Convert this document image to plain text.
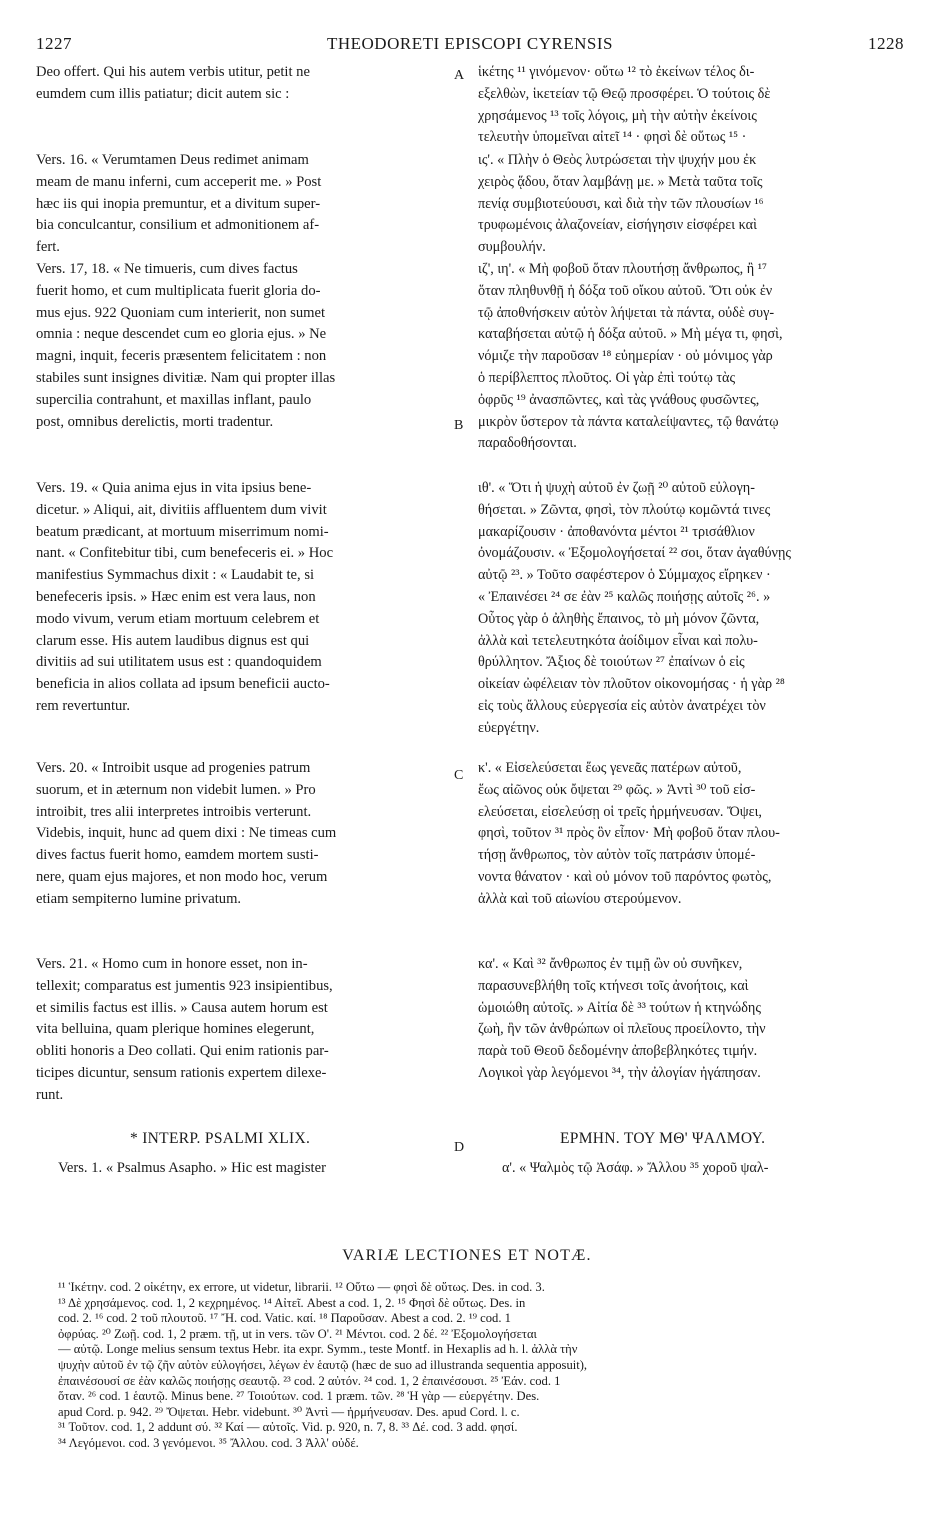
1227	THEODORETI EPISCOPI CYRENSIS	1228
A
B
C
D
Deo offert. Qui his autem verbis utitur, petit ne
eumdem cum illis patiatur; dicit autem sic :
Vers. 16. « Verumtamen Deus redimet animam
meam de manu inferni, cum acceperit me. » Post
hæc iis qui inopia premuntur, et a divitum super-
bia conculcantur, consilium et admonitionem af-
fert.
Vers. 17, 18. « Ne timueris, cum dives factus
fuerit homo, et cum multiplicata fuerit gloria do-
mus ejus. 922 Quoniam cum interierit, non sumet
omnia : neque descendet cum eo gloria ejus. » Ne
magni, inquit, feceris præsentem felicitatem : non
stabiles sunt insignes divitiæ. Nam qui propter illas
supercilia contrahunt, et maxillas inflant, paulo
post, omnibus derelictis, morti tradentur.
Vers. 19. « Quia anima ejus in vita ipsius bene-
dicetur. » Aliqui, ait, divitiis affluentem dum vivit
beatum prædicant, at mortuum miserrimum nomi-
nant. « Confitebitur tibi, cum benefeceris ei. » Hoc
manifestius Symmachus dixit : « Laudabit te, si
benefeceris ipsis. » Hæc enim est vera laus, non
modo vivum, verum etiam mortuum celebrem et
clarum esse. His autem laudibus dignus est qui
divitiis ad sui utilitatem usus est : quandoquidem
beneficia in alios collata ad ipsum beneficii aucto-
rem revertuntur.
Vers. 20. « Introibit usque ad progenies patrum
suorum, et in æternum non videbit lumen. » Pro
introibit, tres alii interpretes introibis verterunt.
Videbis, inquit, hunc ad quem dixi : Ne timeas cum
dives factus fuerit homo, eamdem mortem susti-
nere, quam ejus majores, et non modo hoc, verum
etiam sempiterno lumine privatum.
Vers. 21. « Homo cum in honore esset, non in-
tellexit; comparatus est jumentis 923 insipientibus,
et similis factus est illis. » Causa autem horum est
vita belluina, quam plerique homines elegerunt,
obliti honoris a Deo collati. Qui enim rationis par-
ticipes dicuntur, sensum rationis expertem dilexe-
runt.
ἱκέτης ¹¹ γινόμενον· οὕτω ¹² τὸ ἐκείνων τέλος δι-
εξελθὼν, ἱκετείαν τῷ Θεῷ προσφέρει. Ὁ τούτοις δὲ
χρησάμενος ¹³ τοῖς λόγοις, μὴ τὴν αὐτὴν ἐκείνοις
τελευτὴν ὑπομεῖναι αἰτεῖ ¹⁴ · φησὶ δὲ οὕτως ¹⁵ ·
ις'. « Πλὴν ὁ Θεὸς λυτρώσεται τὴν ψυχήν μου ἐκ
χειρὸς ᾅδου, ὅταν λαμβάνῃ με. » Μετὰ ταῦτα τοῖς
πενίᾳ συμβιοτεύουσι, καὶ διὰ τὴν τῶν πλουσίων ¹⁶
τρυφωμένοις ἀλαζονείαν, εἰσήγησιν εἰσφέρει καὶ
συμβουλήν.
ιζ', ιη'. « Μὴ φοβοῦ ὅταν πλουτήσῃ ἄνθρωπος, ἢ ¹⁷
ὅταν πληθυνθῇ ἡ δόξα τοῦ οἴκου αὐτοῦ. Ὅτι οὐκ ἐν
τῷ ἀποθνήσκειν αὐτὸν λήψεται τὰ πάντα, οὐδὲ συγ-
καταβήσεται αὐτῷ ἡ δόξα αὐτοῦ. » Μὴ μέγα τι, φησὶ,
νόμιζε τὴν παροῦσαν ¹⁸ εὐημερίαν · οὐ μόνιμος γὰρ
ὁ περίβλεπτος πλοῦτος. Οἱ γὰρ ἐπὶ τούτῳ τὰς
ὀφρῦς ¹⁹ ἀνασπῶντες, καὶ τὰς γνάθους φυσῶντες,
μικρὸν ὕστερον τὰ πάντα καταλείψαντες, τῷ θανάτῳ
παραδοθήσονται.
ιθ'. « Ὅτι ἡ ψυχὴ αὐτοῦ ἐν ζωῇ ²⁰ αὐτοῦ εὐλογη-
θήσεται. » Ζῶντα, φησὶ, τὸν πλούτῳ κομῶντά τινες
μακαρίζουσιν · ἀποθανόντα μέντοι ²¹ τρισάθλιον
ὀνομάζουσιν. « Ἐξομολογήσεταί ²² σοι, ὅταν ἀγαθύνῃς
αὐτῷ ²³. » Τοῦτο σαφέστερον ὁ Σύμμαχος εἴρηκεν ·
« Ἐπαινέσει ²⁴ σε ἐὰν ²⁵ καλῶς ποιήσῃς αὐτοῖς ²⁶. »
Οὗτος γὰρ ὁ ἀληθὴς ἔπαινος, τὸ μὴ μόνον ζῶντα,
ἀλλὰ καὶ τετελευτηκότα ἀοίδιμον εἶναι καὶ πολυ-
θρύλλητον. Ἄξιος δὲ τοιούτων ²⁷ ἐπαίνων ὁ εἰς
οἰκείαν ὠφέλειαν τὸν πλοῦτον οἰκονομήσας · ἡ γὰρ ²⁸
εἰς τοὺς ἄλλους εὐεργεσία εἰς αὐτὸν ἀνατρέχει τὸν
εὐεργέτην.
κ'. « Εἰσελεύσεται ἕως γενεᾶς πατέρων αὐτοῦ,
ἕως αἰῶνος οὐκ ὄψεται ²⁹ φῶς. » Ἀντὶ ³⁰ τοῦ εἰσ-
ελεύσεται, εἰσελεύσῃ οἱ τρεῖς ἡρμήνευσαν. Ὄψει,
φησὶ, τοῦτον ³¹ πρὸς ὃν εἶπον· Μὴ φοβοῦ ὅταν πλου-
τήσῃ ἄνθρωπος, τὸν αὐτὸν τοῖς πατράσιν ὑπομέ-
νοντα θάνατον · καὶ οὐ μόνον τοῦ παρόντος φωτὸς,
ἀλλὰ καὶ τοῦ αἰωνίου στερούμενον.
κα'. « Καὶ ³² ἄνθρωπος ἐν τιμῇ ὢν οὐ συνῆκεν,
παρασυνεβλήθη τοῖς κτήνεσι τοῖς ἀνοήτοις, καὶ
ὡμοιώθη αὐτοῖς. » Αἰτία δὲ ³³ τούτων ἡ κτηνώδης
ζωὴ, ἣν τῶν ἀνθρώπων οἱ πλεῖους προείλοντο, τὴν
παρὰ τοῦ Θεοῦ δεδομένην ἀποβεβληκότες τιμήν.
Λογικοὶ γὰρ λεγόμενοι ³⁴, τὴν ἀλογίαν ἠγάπησαν.
* INTERP. PSALMI XLIX.	ΕΡΜΗΝ. ΤΟΥ ΜΘ' ΨΑΛΜΟΥ.
Vers. 1. « Psalmus Asapho. » Hic est magister	α'. « Ψαλμὸς τῷ Ἀσάφ. » Ἄλλου ³⁵ χοροῦ ψαλ-
VARIÆ LECTIONES ET NOTÆ.
¹¹ Ἱκέτην. cod. 2 οἰκέτην, ex errore, ut videtur, librarii. ¹² Οὕτω — φησὶ δὲ οὕτως. Des. in cod. 3.
¹³ Δὲ χρησάμενος. cod. 1, 2 κεχρημένος. ¹⁴ Αἰτεῖ. Abest a cod. 1, 2. ¹⁵ Φησὶ δὲ οὕτως. Des. in
cod. 2. ¹⁶ cod. 2 τοῦ πλουτοῦ. ¹⁷ Ἤ. cod. Vatic. καί. ¹⁸ Παροῦσαν. Abest a cod. 2. ¹⁹ cod. 1
ὀφρύας. ²⁰ Ζωῇ. cod. 1, 2 præm. τῇ, ut in vers. τῶν Ο'. ²¹ Μέντοι. cod. 2 δέ. ²² Ἐξομολογήσεται
— αὐτῷ. Longe melius sensum textus Hebr. ita expr. Symm., teste Montf. in Hexaplis ad h. l. ἀλλὰ τὴν
ψυχὴν αὐτοῦ ἐν τῷ ζῆν αὐτὸν εὐλογήσει, λέγων ἐν ἑαυτῷ (hæc de suo ad illustranda sequentia apposuit),
ἐπαινέσουσί σε ἐὰν καλῶς ποιήσῃς σεαυτῷ. ²³ cod. 2 αὐτόν. ²⁴ cod. 1, 2 ἐπαινέσουσι. ²⁵ Ἐάν. cod. 1
ὅταν. ²⁶ cod. 1 ἑαυτῷ. Minus bene. ²⁷ Τοιούτων. cod. 1 præm. τῶν. ²⁸ Ἡ γὰρ — εὐεργέτην. Des.
apud Cord. p. 942. ²⁹ Ὄψεται. Hebr. videbunt. ³⁰ Ἀντὶ — ἡρμήνευσαν. Des. apud Cord. l. c.
³¹ Τοῦτον. cod. 1, 2 addunt σύ. ³² Καί — αὐτοῖς. Vid. p. 920, n. 7, 8. ³³ Δέ. cod. 3 add. φησί.
³⁴ Λεγόμενοι. cod. 3 γενόμενοι. ³⁵ Ἄλλου. cod. 3 Ἀλλ' οὐδέ.
